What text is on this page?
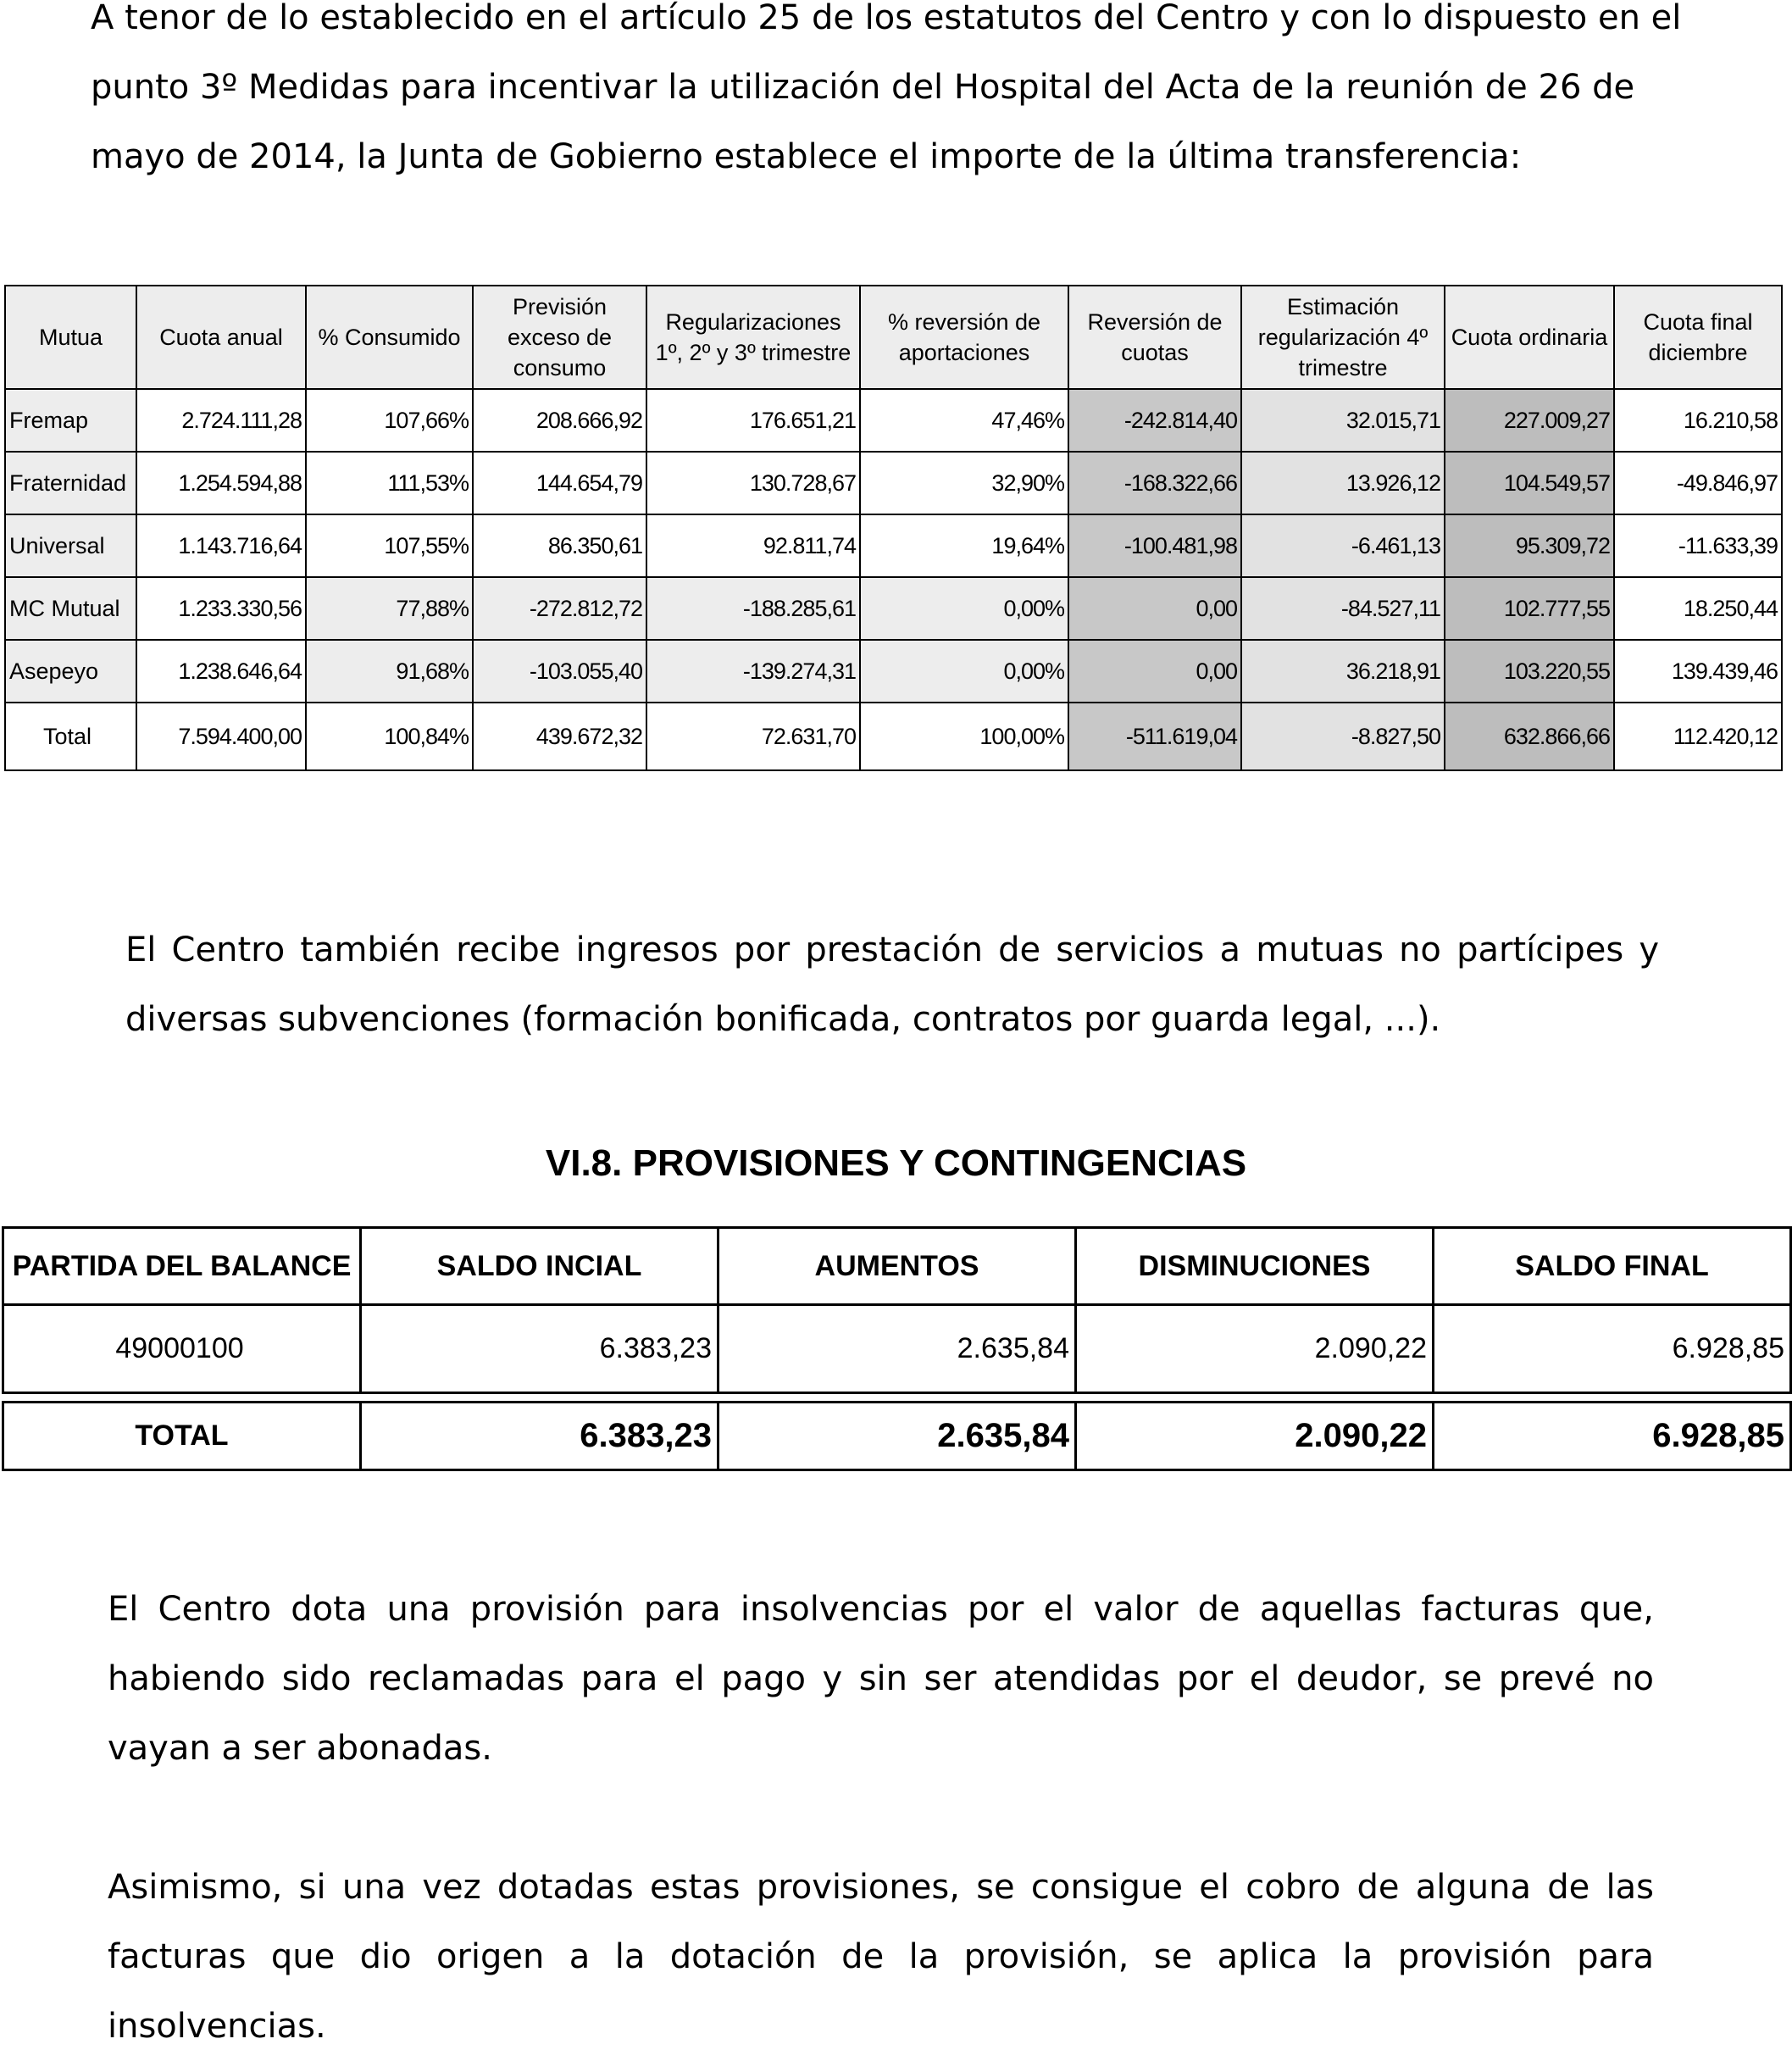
A tenor de lo establecido en el artículo 25 de los estatutos del Centro y con lo dispuesto en el punto 3º Medidas para incentivar la utilización del Hospital del Acta de la reunión de 26 de mayo de 2014, la Junta de Gobierno establece el importe de la última transferencia:

Mutua	Cuota anual	% Consumido	Previsión exceso de consumo	Regularizaciones 1º, 2º y 3º trimestre	% reversión de aportaciones	Reversión de cuotas	Estimación regularización 4º trimestre	Cuota ordinaria	Cuota final diciembre
Fremap	2.724.111,28	107,66%	208.666,92	176.651,21	47,46%	-242.814,40	32.015,71	227.009,27	16.210,58
Fraternidad	1.254.594,88	111,53%	144.654,79	130.728,67	32,90%	-168.322,66	13.926,12	104.549,57	-49.846,97
Universal	1.143.716,64	107,55%	86.350,61	92.811,74	19,64%	-100.481,98	-6.461,13	95.309,72	-11.633,39
MC Mutual	1.233.330,56	77,88%	-272.812,72	-188.285,61	0,00%	0,00	-84.527,11	102.777,55	18.250,44
Asepeyo	1.238.646,64	91,68%	-103.055,40	-139.274,31	0,00%	0,00	36.218,91	103.220,55	139.439,46
Total	7.594.400,00	100,84%	439.672,32	72.631,70	100,00%	-511.619,04	-8.827,50	632.866,66	112.420,12

El Centro también recibe ingresos por prestación de servicios a mutuas no partícipes y diversas subvenciones (formación bonificada, contratos por guarda legal, ...).

VI.8. PROVISIONES Y CONTINGENCIAS
PARTIDA DEL BALANCE	SALDO INCIAL	AUMENTOS	DISMINUCIONES	SALDO FINAL
49000100	6.383,23	2.635,84	2.090,22	6.928,85
TOTAL	6.383,23	2.635,84	2.090,22	6.928,85

El Centro dota una provisión para insolvencias por el valor de aquellas facturas que, habiendo sido reclamadas para el pago y sin ser atendidas por el deudor, se prevé no vayan a ser abonadas.

Asimismo, si una vez dotadas estas provisiones, se consigue el cobro de alguna de las facturas que dio origen a la dotación de la provisión, se aplica la provisión para insolvencias.
